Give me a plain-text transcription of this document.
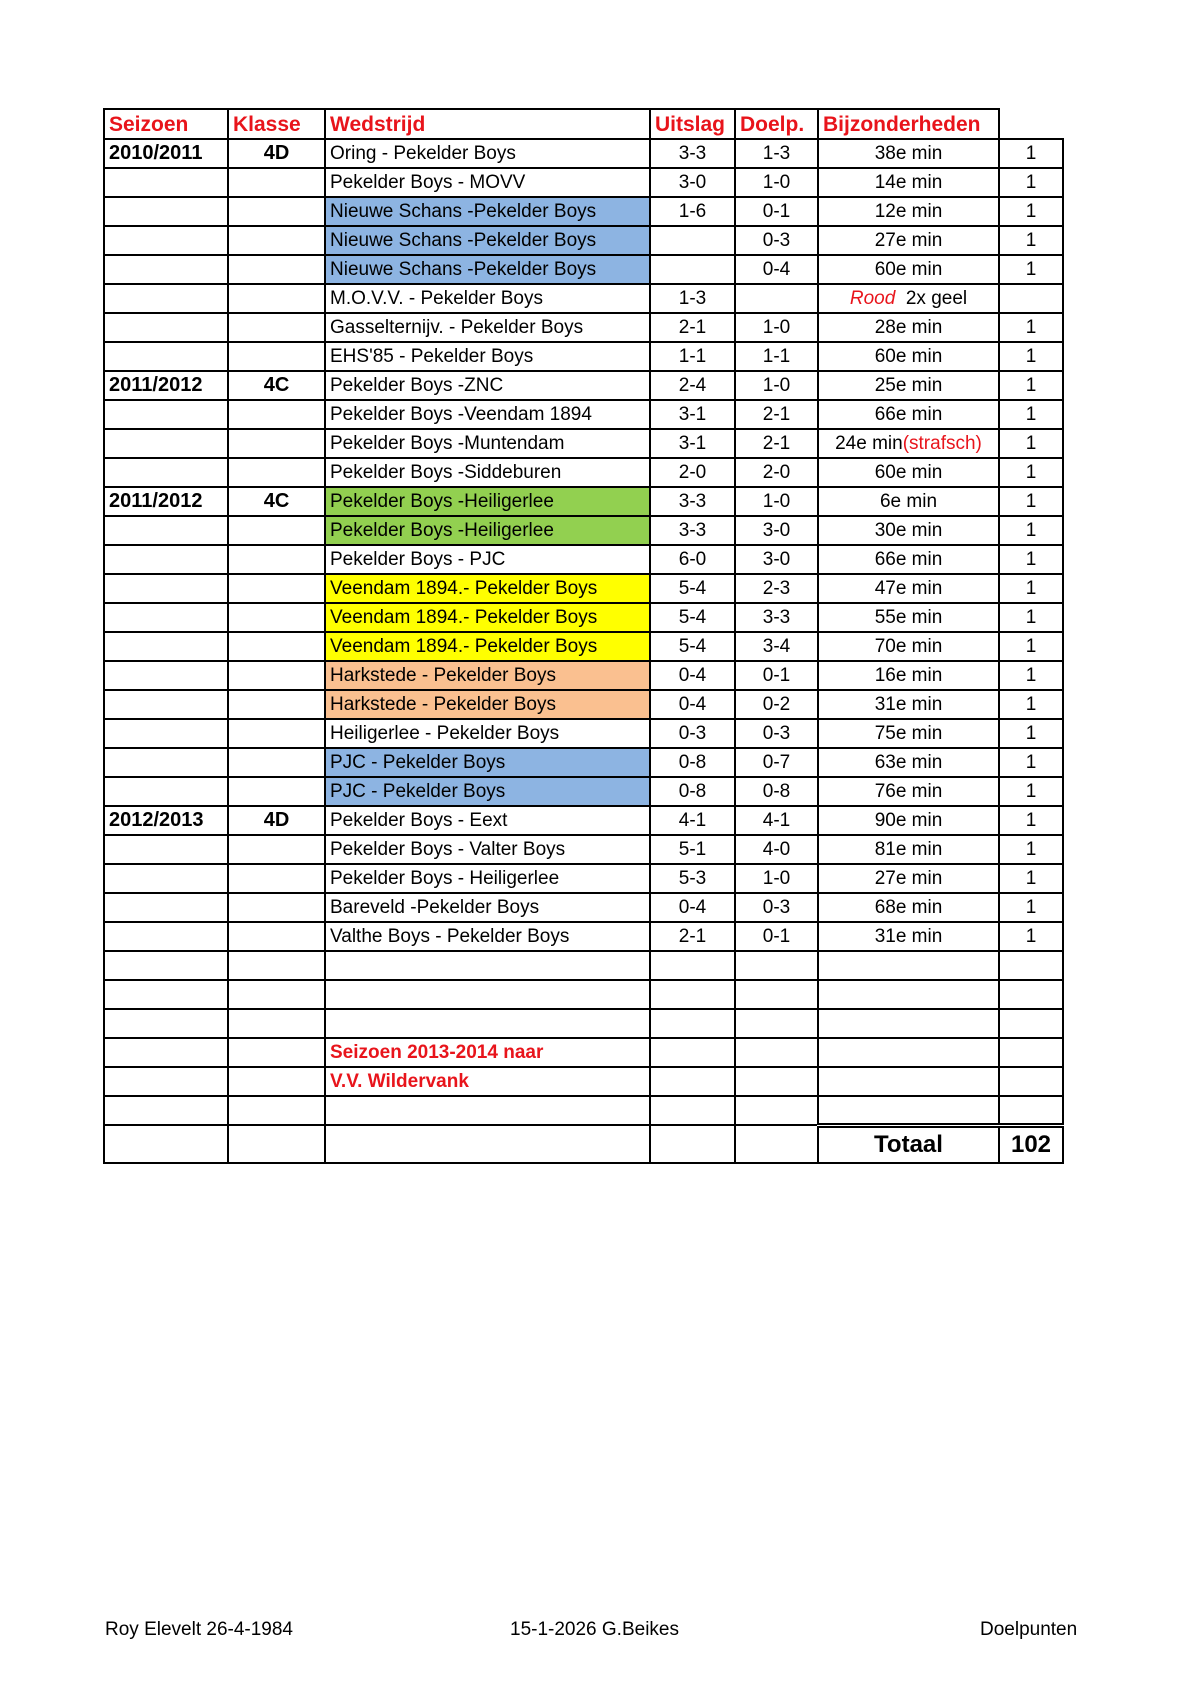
Seizoen	Klasse	Wedstrijd	Uitslag	Doelp.	Bijzonderheden	
2010/2011	4D	Oring - Pekelder Boys	3-3	1-3	38e min	1
		Pekelder Boys - MOVV	3-0	1-0	14e min	1
		Nieuwe Schans -Pekelder Boys	1-6	0-1	12e min	1
		Nieuwe Schans -Pekelder Boys		0-3	27e min	1
		Nieuwe Schans -Pekelder Boys		0-4	60e min	1
		M.O.V.V. - Pekelder Boys	1-3		Rood 2x geel	
		Gasselternijv. - Pekelder Boys	2-1	1-0	28e min	1
		EHS'85 - Pekelder Boys	1-1	1-1	60e min	1
2011/2012	4C	Pekelder Boys -ZNC	2-4	1-0	25e min	1
		Pekelder Boys -Veendam 1894	3-1	2-1	66e min	1
		Pekelder Boys -Muntendam	3-1	2-1	24e min(strafsch)	1
		Pekelder Boys -Siddeburen	2-0	2-0	60e min	1
2011/2012	4C	Pekelder Boys -Heiligerlee	3-3	1-0	6e min	1
		Pekelder Boys -Heiligerlee	3-3	3-0	30e min	1
		Pekelder Boys - PJC	6-0	3-0	66e min	1
		Veendam 1894.- Pekelder Boys	5-4	2-3	47e min	1
		Veendam 1894.- Pekelder Boys	5-4	3-3	55e min	1
		Veendam 1894.- Pekelder Boys	5-4	3-4	70e min	1
		Harkstede - Pekelder Boys	0-4	0-1	16e min	1
		Harkstede - Pekelder Boys	0-4	0-2	31e min	1
		Heiligerlee - Pekelder Boys	0-3	0-3	75e min	1
		PJC - Pekelder Boys	0-8	0-7	63e min	1
		PJC - Pekelder Boys	0-8	0-8	76e min	1
2012/2013	4D	Pekelder Boys - Eext	4-1	4-1	90e min	1
		Pekelder Boys - Valter Boys	5-1	4-0	81e min	1
		Pekelder Boys - Heiligerlee	5-3	1-0	27e min	1
		Bareveld -Pekelder Boys	0-4	0-3	68e min	1
		Valthe Boys - Pekelder Boys	2-1	0-1	31e min	1

		Seizoen 2013-2014 naar				
		V.V. Wildervank				

					Totaal	102
Roy Elevelt 26-4-1984	15-1-2026 G.Beikes	Doelpunten
